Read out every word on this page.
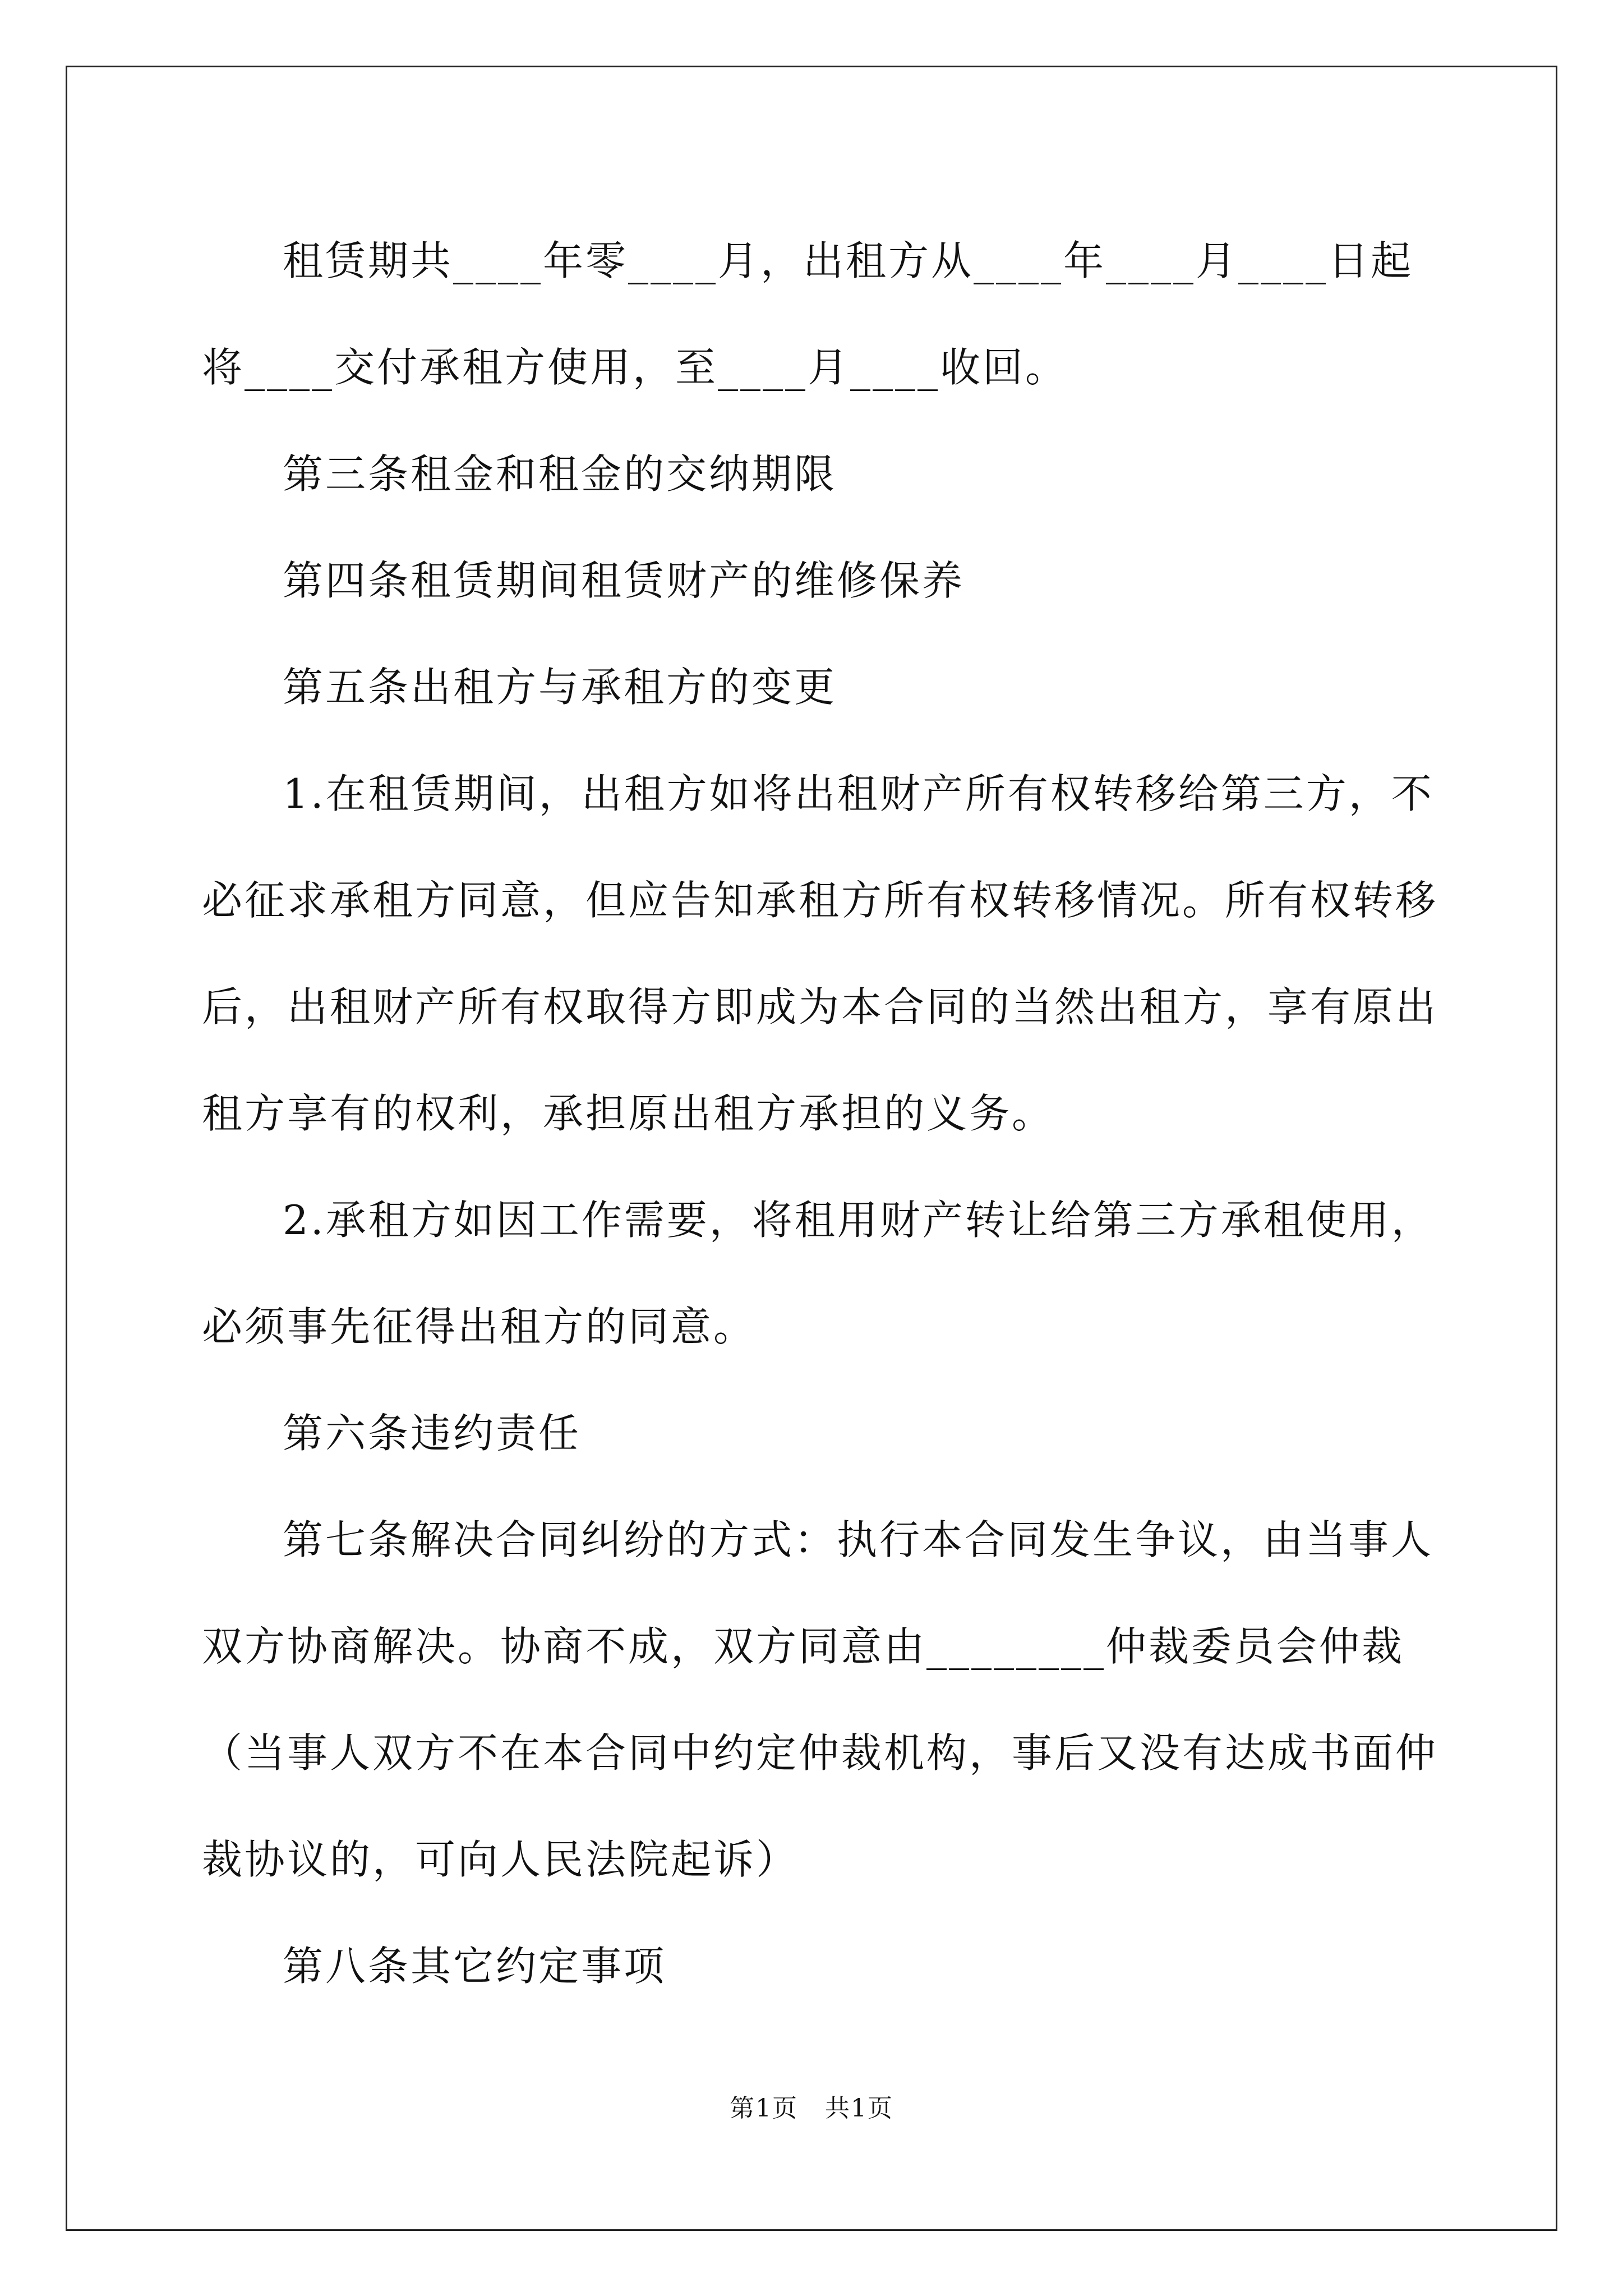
租赁期共____年零____月，出租方从____年____月____日起将____交付承租方使用，至____月____收回。

第三条租金和租金的交纳期限

第四条租赁期间租赁财产的维修保养

第五条出租方与承租方的变更

1.在租赁期间，出租方如将出租财产所有权转移给第三方，不必征求承租方同意，但应告知承租方所有权转移情况。所有权转移后，出租财产所有权取得方即成为本合同的当然出租方，享有原出租方享有的权利，承担原出租方承担的义务。

2.承租方如因工作需要，将租用财产转让给第三方承租使用，必须事先征得出租方的同意。

第六条违约责任

第七条解决合同纠纷的方式：执行本合同发生争议，由当事人双方协商解决。协商不成，双方同意由________仲裁委员会仲裁（当事人双方不在本合同中约定仲裁机构，事后又没有达成书面仲裁协议的，可向人民法院起诉）

第八条其它约定事项

第1页 共1页
